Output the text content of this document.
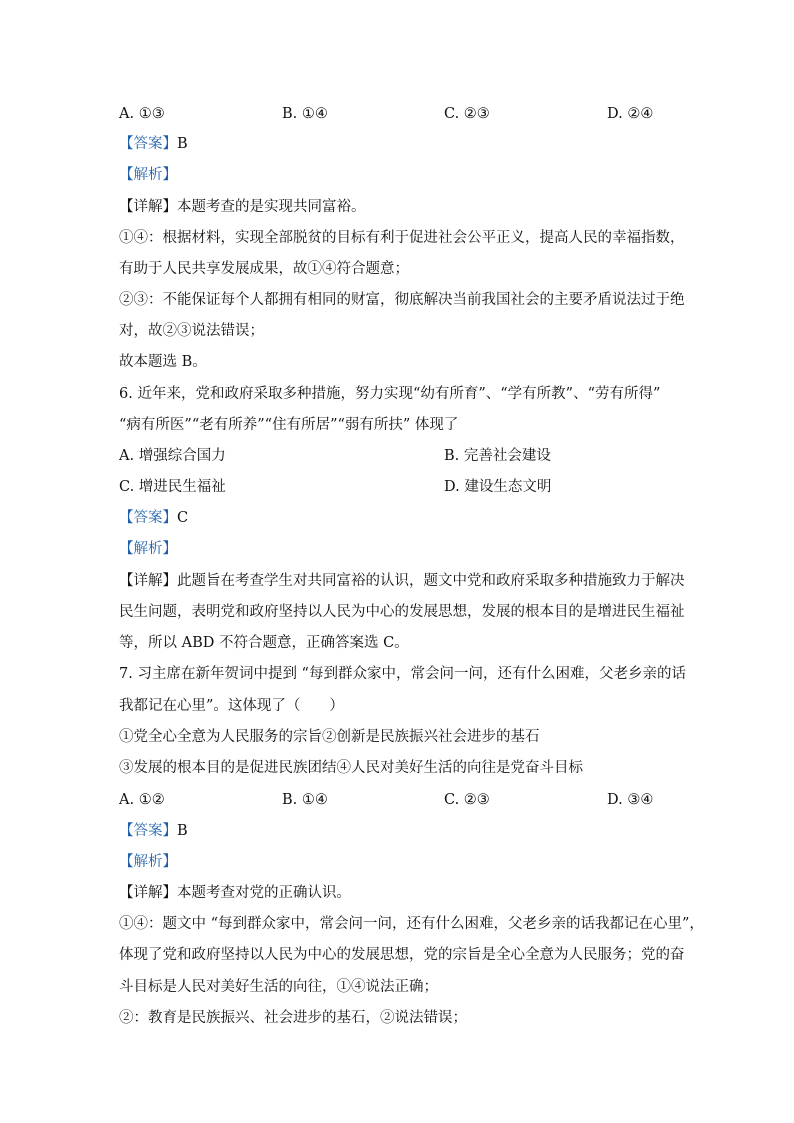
A. ①③	B. ①④	C. ②③	D. ②④
【答案】B
【解析】
【详解】本题考查的是实现共同富裕。
①④：根据材料，实现全部脱贫的目标有利于促进社会公平正义，提高人民的幸福指数，
有助于人民共享发展成果，故①④符合题意；
②③：不能保证每个人都拥有相同的财富，彻底解决当前我国社会的主要矛盾说法过于绝
对，故②③说法错误；
故本题选 B。
6. 近年来，党和政府采取多种措施，努力实现“幼有所育”、“学有所教”、“劳有所得”
“病有所医”“老有所养”“住有所居”“弱有所扶” 体现了
A. 增强综合国力	B. 完善社会建设
C. 增进民生福祉	D. 建设生态文明
【答案】C
【解析】
【详解】此题旨在考查学生对共同富裕的认识，题文中党和政府采取多种措施致力于解决
民生问题，表明党和政府坚持以人民为中心的发展思想，发展的根本目的是增进民生福祉
等，所以 ABD 不符合题意，正确答案选 C。
7. 习主席在新年贺词中提到 “每到群众家中，常会问一问，还有什么困难，父老乡亲的话
我都记在心里”。这体现了（　　）
①党全心全意为人民服务的宗旨②创新是民族振兴社会进步的基石
③发展的根本目的是促进民族团结④人民对美好生活的向往是党奋斗目标
A. ①②	B. ①④	C. ②③	D. ③④
【答案】B
【解析】
【详解】本题考查对党的正确认识。
①④：题文中 “每到群众家中，常会问一问，还有什么困难，父老乡亲的话我都记在心里”，
体现了党和政府坚持以人民为中心的发展思想，党的宗旨是全心全意为人民服务；党的奋
斗目标是人民对美好生活的向往，①④说法正确；
②：教育是民族振兴、社会进步的基石，②说法错误；
